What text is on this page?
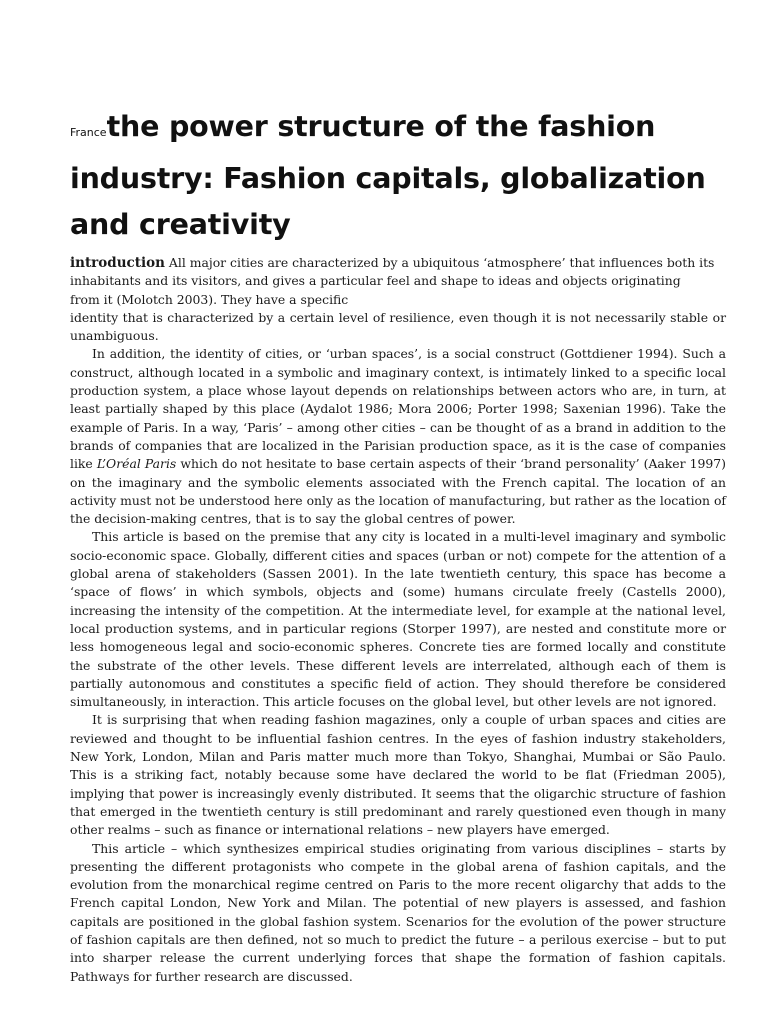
Francethe power structure of the fashion industry: Fashion capitals, globalization and creativity

introduction All major cities are characterized by a ubiquitous ‘atmosphere’ that influences both its inhabitants and its visitors, and gives a particular feel and shape to ideas and objects originating

from it (Molotch 2003). They have a specific

identity that is characterized by a certain level of resilience, even though it is not necessarily stable or unambiguous.

In addition, the identity of cities, or ‘urban spaces’, is a social construct (Gottdiener 1994). Such a construct, although located in a symbolic and imaginary context, is intimately linked to a specific local production system, a place whose layout depends on relationships between actors who are, in turn, at least partially shaped by this place (Aydalot 1986; Mora 2006; Porter 1998; Saxenian 1996). Take the example of Paris. In a way, ‘Paris’ – among other cities – can be thought of as a brand in addition to the brands of companies that are localized in the Parisian production space, as it is the case of companies like L’Oréal Paris which do not hesitate to base certain aspects of their ‘brand personality’ (Aaker 1997) on the imaginary and the symbolic elements associated with the French capital. The location of an activity must not be understood here only as the location of manufacturing, but rather as the location of the decision-making centres, that is to say the global centres of power.

This article is based on the premise that any city is located in a multi-level imaginary and symbolic socio-economic space. Globally, different cities and spaces (urban or not) compete for the attention of a global arena of stakeholders (Sassen 2001). In the late twentieth century, this space has become a ‘space of flows’ in which symbols, objects and (some) humans circulate freely (Castells 2000), increasing the intensity of the competition. At the intermediate level, for example at the national level, local production systems, and in particular regions (Storper 1997), are nested and constitute more or less homogeneous legal and socio-economic spheres. Concrete ties are formed locally and constitute the substrate of the other levels. These different levels are interrelated, although each of them is partially autonomous and constitutes a specific field of action. They should therefore be considered simultaneously, in interaction. This article focuses on the global level, but other levels are not ignored.

It is surprising that when reading fashion magazines, only a couple of urban spaces and cities are reviewed and thought to be influential fashion centres. In the eyes of fashion industry stakeholders, New York, London, Milan and Paris matter much more than Tokyo, Shanghai, Mumbai or São Paulo. This is a striking fact, notably because some have declared the world to be flat (Friedman 2005), implying that power is increasingly evenly distributed. It seems that the oligarchic structure of fashion that emerged in the twentieth century is still predominant and rarely questioned even though in many other realms – such as finance or international relations – new players have emerged.

This article – which synthesizes empirical studies originating from various disciplines – starts by presenting the different protagonists who compete in the global arena of fashion capitals, and the evolution from the monarchical regime centred on Paris to the more recent oligarchy that adds to the French capital London, New York and Milan. The potential of new players is assessed, and fashion capitals are positioned in the global fashion system. Scenarios for the evolution of the power structure of fashion capitals are then defined, not so much to predict the future – a perilous exercise – but to put into sharper release the current underlying forces that shape the formation of fashion capitals. Pathways for further research are discussed.
